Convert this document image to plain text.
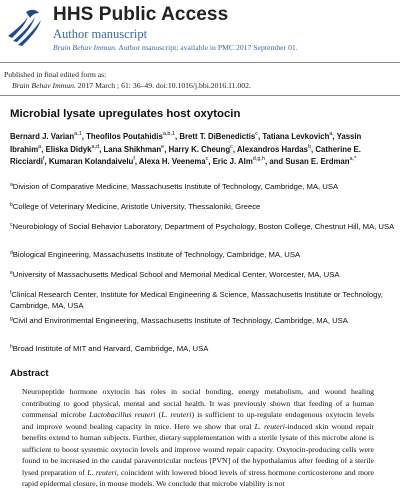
HHS Public Access
Author manuscript
Brain Behav Immun. Author manuscript; available in PMC 2017 September 01.
Published in final edited form as:
Brain Behav Immun. 2017 March ; 61: 36–49. doi:10.1016/j.bbi.2016.11.002.
Microbial lysate upregulates host oxytocin
Bernard J. Varian$^{a,1}$, Theofilos Poutahidis$^{a,b,1}$, Brett T. DiBenedictis$^c$, Tatiana Levkovich$^a$, Yassin Ibrahim$^a$, Eliska Didyk$^{a,d}$, Lana Shikhman$^e$, Harry K. Cheung$^c$, Alexandros Hardas$^b$, Catherine E. Ricciardi$^f$, Kumaran Kolandaivelu$^f$, Alexa H. Veenema$^c$, Eric J. Alm$^{d,g,h}$, and Susan E. Erdman$^{a,*}$
$^a$Division of Comparative Medicine, Massachusetts Institute of Technology, Cambridge, MA, USA
$^b$College of Veterinary Medicine, Aristotle University, Thessaloniki, Greece
$^c$Neurobiology of Social Behavior Laboratory, Department of Psychology, Boston College, Chestnut Hill, MA, USA
$^d$Biological Engineering, Massachusetts Institute of Technology, Cambridge, MA, USA
$^e$University of Massachusetts Medical School and Memorial Medical Center, Worcester, MA, USA
$^f$Clinical Research Center, Institute for Medical Engineering & Science, Massachusetts Institute or Technology, Cambridge, MA, USA
$^g$Civil and Environmental Engineering, Massachusetts Institute of Technology, Cambridge, MA, USA
$^h$Broad Institute of MIT and Harvard, Cambridge, MA, USA
Abstract
Neuropeptide hormone oxytocin has roles in social bonding, energy metabolism, and wound healing contributing to good physical, mental and social health. It was previously shown that feeding of a human commensal microbe Lactobacillus reuteri (L. reuteri) is sufficient to up-regulate endogenous oxytocin levels and improve wound healing capacity in mice. Here we show that oral L. reuteri-induced skin wound repair benefits extend to human subjects. Further, dietary supplementation with a sterile lysate of this microbe alone is sufficient to boost systemic oxytocin levels and improve wound repair capacity. Oxytocin-producing cells were found to be increased in the caudal paraventricular nucleus [PVN] of the hypothalamus after feeding of a sterile lysed preparation of L. reuteri, coincident with lowered blood levels of stress hormone corticosterone and more rapid epidermal closure, in mouse models. We conclude that microbe viability is not
